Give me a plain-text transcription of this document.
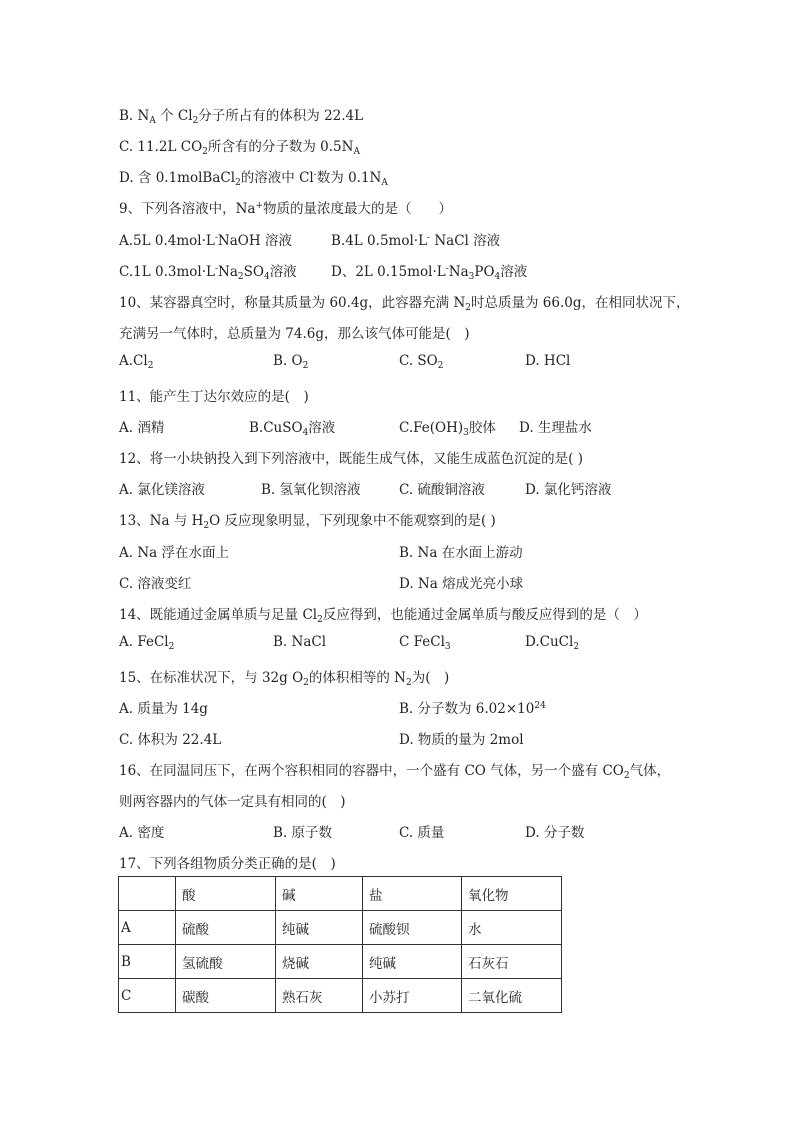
B. $N_A$ 个 $Cl_2$分子所占有的体积为 22.4L
C. 11.2L $CO_2$所含有的分子数为 $0.5N_A$
D. 含 0.1molBaCl$_2$的溶液中 Cl-数为 $0.1N_A$
9、下列各溶液中，Na+物质的量浓度最大的是（　　）
A.5L 0.4mol·L-NaOH 溶液	B.4L 0.5mol·L- NaCl 溶液
C.1L $0.3mol\cdot L^-Na_2SO_4$溶液	D、2L $0.15mol\cdot L^-Na_3PO_4$溶液
10、某容器真空时，称量其质量为 60.4g，此容器充满 $N_2$时总质量为 66.0g，在相同状况下，
充满另一气体时，总质量为 74.6g，那么该气体可能是(　)
$A.Cl_2$	B. $O_2$	C. $SO_2$	D. HCl
11、能产生丁达尔效应的是(　)
A. 酒精	B.CuSO$_4$溶液	$C.Fe(OH)_3$胶体 D. 生理盐水
12、将一小块钠投入到下列溶液中，既能生成气体，又能生成蓝色沉淀的是( )
A. 氯化镁溶液	B. 氢氧化钡溶液	C. 硫酸铜溶液	D. 氯化钙溶液
13、Na 与 $H_2O$ 反应现象明显，下列现象中不能观察到的是( )
A. Na 浮在水面上	B. Na 在水面上游动
C. 溶液变红	D. Na 熔成光亮小球
14、既能通过金属单质与足量 $Cl_2$反应得到，也能通过金属单质与酸反应得到的是（　）
A. FeCl$_2$	B. NaCl	C FeCl$_3$	D.CuCl$_2$
15、在标准状况下，与 32g $O_2$的体积相等的 $N_2$为(　)
A. 质量为 14g	B. 分子数为 $6.02\times 10^{24}$
C. 体积为 22.4L	D. 物质的量为 2mol
16、在同温同压下，在两个容积相同的容器中，一个盛有 CO 气体，另一个盛有 $CO_2$气体，
则两容器内的气体一定具有相同的(　)
A. 密度	B. 原子数	C. 质量	D. 分子数
17、下列各组物质分类正确的是(　)
	酸	碱	盐	氧化物
A	硫酸	纯碱	硫酸钡	水
B	氢硫酸	烧碱	纯碱	石灰石
C	碳酸	熟石灰	小苏打	二氧化硫
